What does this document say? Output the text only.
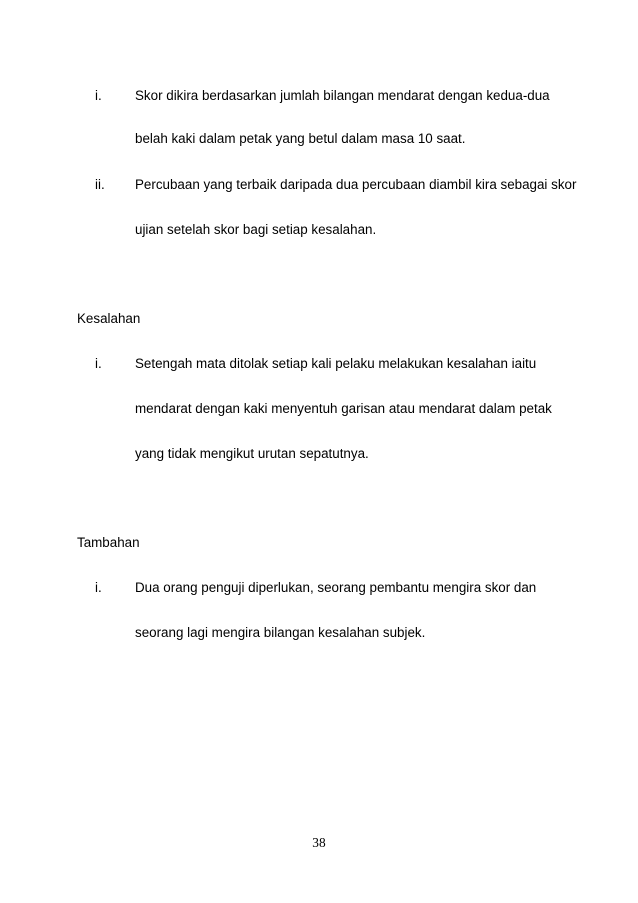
i. Skor dikira berdasarkan jumlah bilangan mendarat dengan kedua-dua
belah kaki dalam petak yang betul dalam masa 10 saat.
ii. Percubaan yang terbaik daripada dua percubaan diambil kira sebagai skor
ujian setelah skor bagi setiap kesalahan.
Kesalahan
i. Setengah mata ditolak setiap kali pelaku melakukan kesalahan iaitu
mendarat dengan kaki menyentuh garisan atau mendarat dalam petak
yang tidak mengikut urutan sepatutnya.
Tambahan
i. Dua orang penguji diperlukan, seorang pembantu mengira skor dan
seorang lagi mengira bilangan kesalahan subjek.
38
